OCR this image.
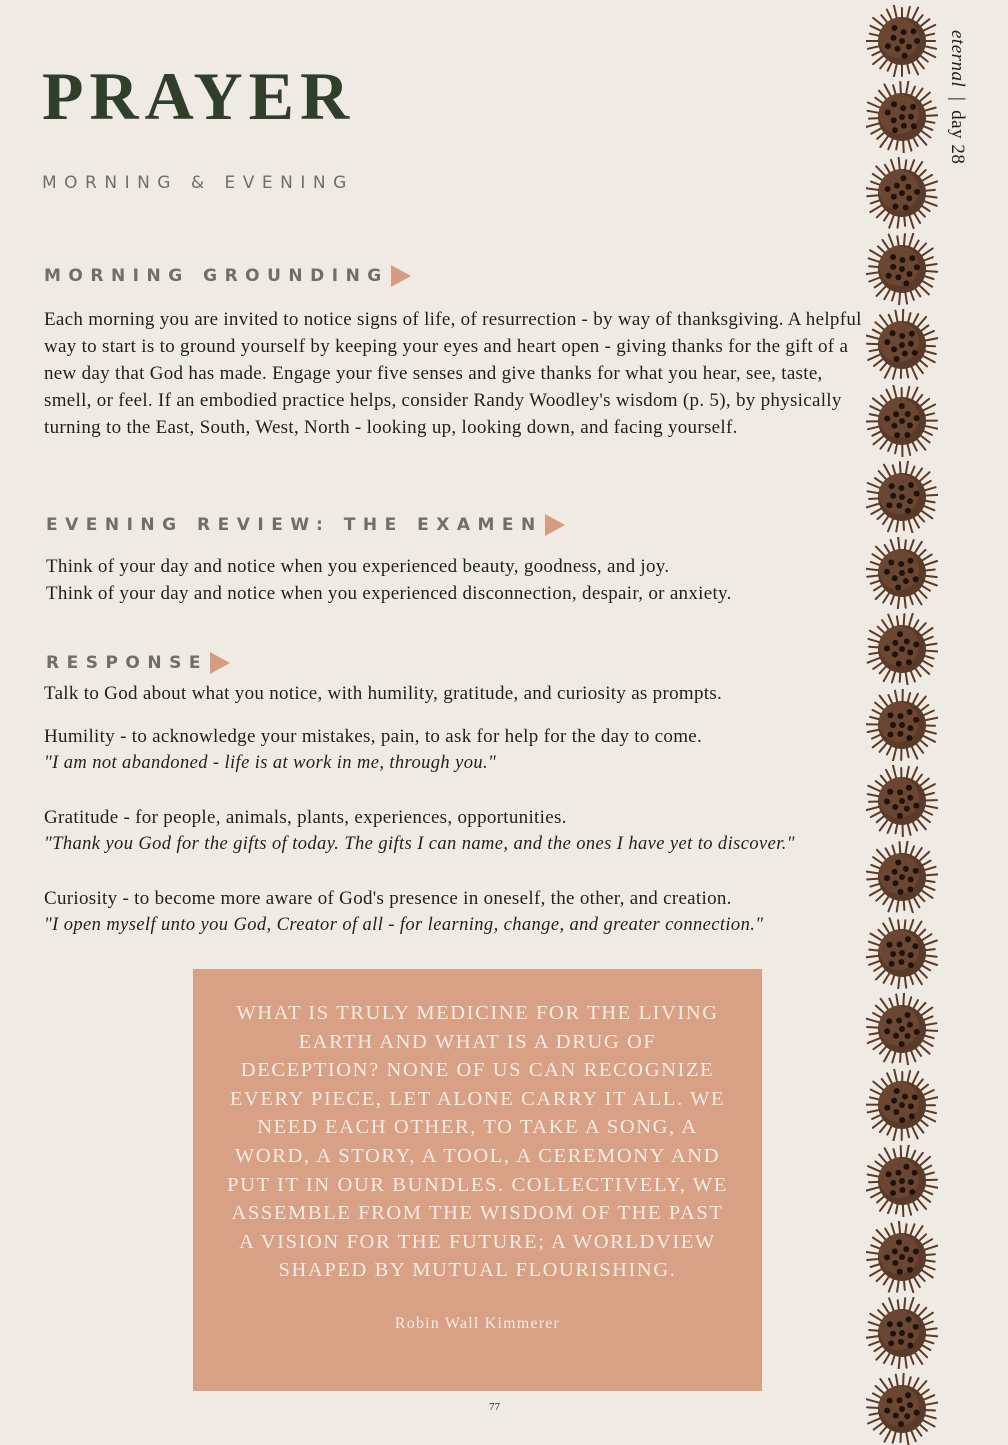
PRAYER

MORNING & EVENING

MORNING GROUNDING

Each morning you are invited to notice signs of life, of resurrection - by way of thanksgiving. A helpful way to start is to ground yourself by keeping your eyes and heart open - giving thanks for the gift of a new day that God has made. Engage your five senses and give thanks for what you hear, see, taste, smell, or feel. If an embodied practice helps, consider Randy Woodley's wisdom (p. 5), by physically turning to the East, South, West, North - looking up, looking down, and facing yourself.

EVENING REVIEW: THE EXAMEN

Think of your day and notice when you experienced beauty, goodness, and joy.

Think of your day and notice when you experienced disconnection, despair, or anxiety.

RESPONSE

Talk to God about what you notice, with humility, gratitude, and curiosity as prompts.

Humility - to acknowledge your mistakes, pain, to ask for help for the day to come.

"I am not abandoned - life is at work in me, through you."

Gratitude - for people, animals, plants, experiences, opportunities.

"Thank you God for the gifts of today. The gifts I can name, and the ones I have yet to discover."

Curiosity - to become more aware of God's presence in oneself, the other, and creation.

"I open myself unto you God, Creator of all - for learning, change, and greater connection."

WHAT IS TRULY MEDICINE FOR THE LIVING EARTH AND WHAT IS A DRUG OF DECEPTION? NONE OF US CAN RECOGNIZE EVERY PIECE, LET ALONE CARRY IT ALL. WE NEED EACH OTHER, TO TAKE A SONG, A WORD, A STORY, A TOOL, A CEREMONY AND PUT IT IN OUR BUNDLES. COLLECTIVELY, WE ASSEMBLE FROM THE WISDOM OF THE PAST A VISION FOR THE FUTURE; A WORLDVIEW SHAPED BY MUTUAL FLOURISHING.

Robin Wall Kimmerer
77
eternal | day 28
